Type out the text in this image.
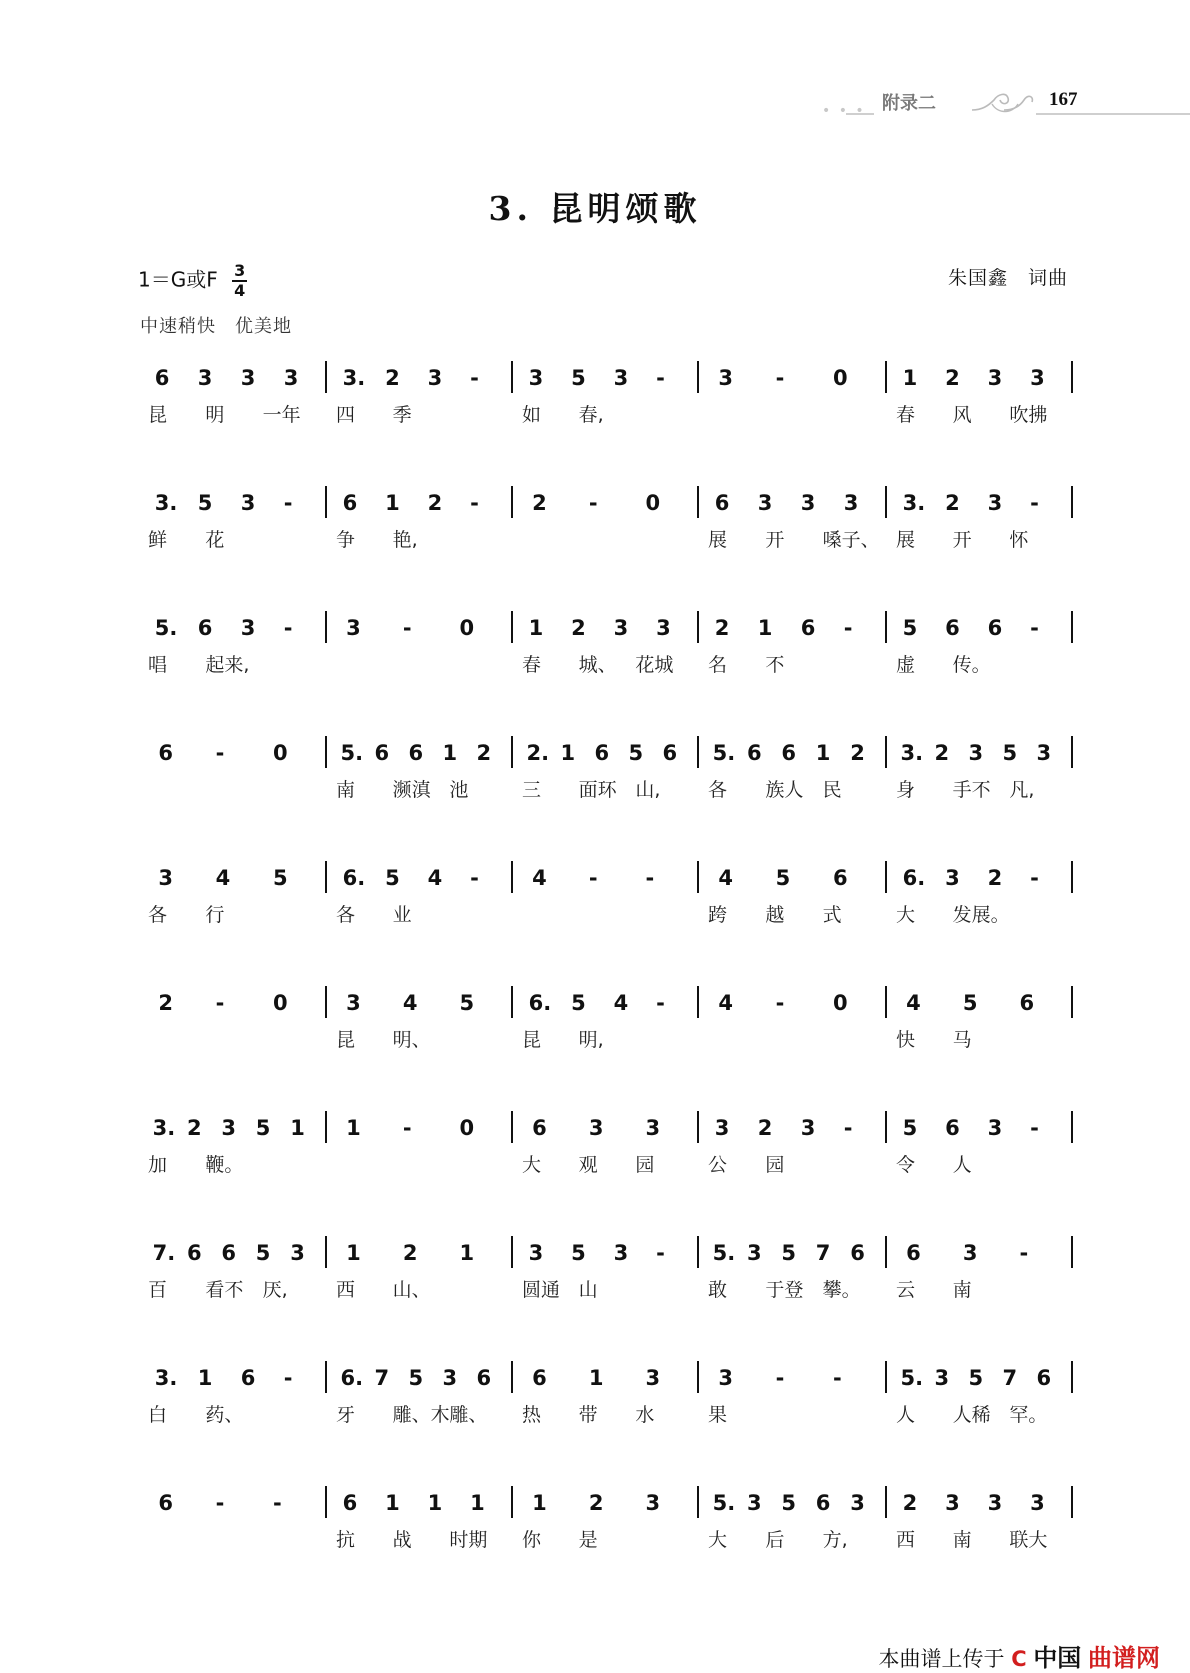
• • • 附录二	167
3. 昆明颂歌
1＝G或F $\frac{3}{4}$	朱国鑫　词曲
中速稍快　优美地
6 3 3 3
昆 明 一年
3. 2 3 -
四 季
3 5 3 -
如 春,
3 - 0	1 2 3 3
春 风 吹拂
3. 5 3 -
鲜 花
6 1 2 -
争 艳,
2 - 0	6 3 3 3
展 开 嗓子、
3. 2 3 -
展 开 怀
5. 6 3 -
唱 起来,
3 - 0	1 2 3 3
春 城、 花城
2 1 6 -
名 不
5 6 6 -
虚 传。
6 - 0	5. 6 6 1 2
南 濒滇 池
2. 1 6 5 6
三 面环 山,
5. 6 6 1 2
各 族人 民
3. 2 3 5 3
身 手不 凡,
3 4 5
各 行
6. 5 4 -
各 业
4 - -	4 5 6
跨 越 式
6. 3 2 -
大 发展。
2 - 0	3 4 5
昆 明、
6. 5 4 -
昆 明,
4 - 0	4 5 6
快 马
3. 2 3 5 1
加 鞭。
1 - 0	6 3 3
大 观 园
3 2 3 -
公 园
5 6 3 -
令 人
7. 6 6 5 3
百 看不 厌,
1 2 1
西 山、
3 5 3 -
圆通 山
5. 3 5 7 6
敢 于登 攀。
6 3 -
云 南
3. 1 6 -
白 药、
6. 7 5 3 6
牙 雕、木 雕、
6 1 3
热 带 水
3 - -
果
5. 3 5 7 6
人 人稀 罕。
6 - -	6 1 1 1
抗 战 时期
1 2 3
你 是
5. 3 5 6 3
大 后 方,
2 3 3 3
西 南 联大
本曲谱上传于 C 中国 曲谱网
